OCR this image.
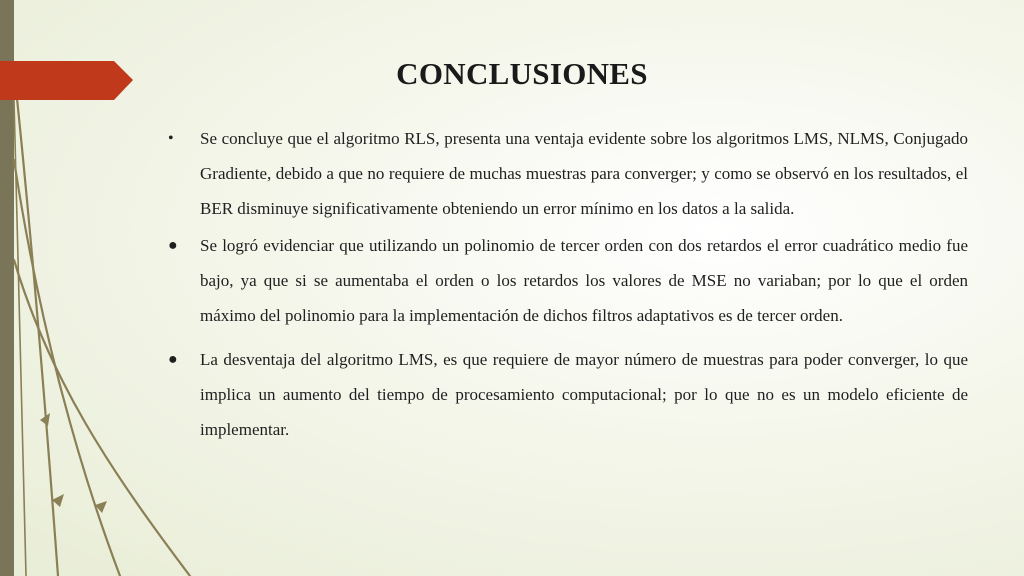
CONCLUSIONES
• Se concluye que el algoritmo RLS, presenta una ventaja evidente sobre los algoritmos LMS, NLMS, Conjugado Gradiente, debido a que no requiere de muchas muestras para converger; y como se observó en los resultados, el BER disminuye significativamente obteniendo un error mínimo en los datos a la salida.
● Se logró evidenciar que utilizando un polinomio de tercer orden con dos retardos el error cuadrático medio fue bajo, ya que si se aumentaba el orden o los retardos los valores de MSE no variaban; por lo que el orden máximo del polinomio para la implementación de dichos filtros adaptativos es de tercer orden.
● La desventaja del algoritmo LMS, es que requiere de mayor número de muestras para poder converger, lo que implica un aumento del tiempo de procesamiento computacional; por lo que no es un modelo eficiente de implementar.
